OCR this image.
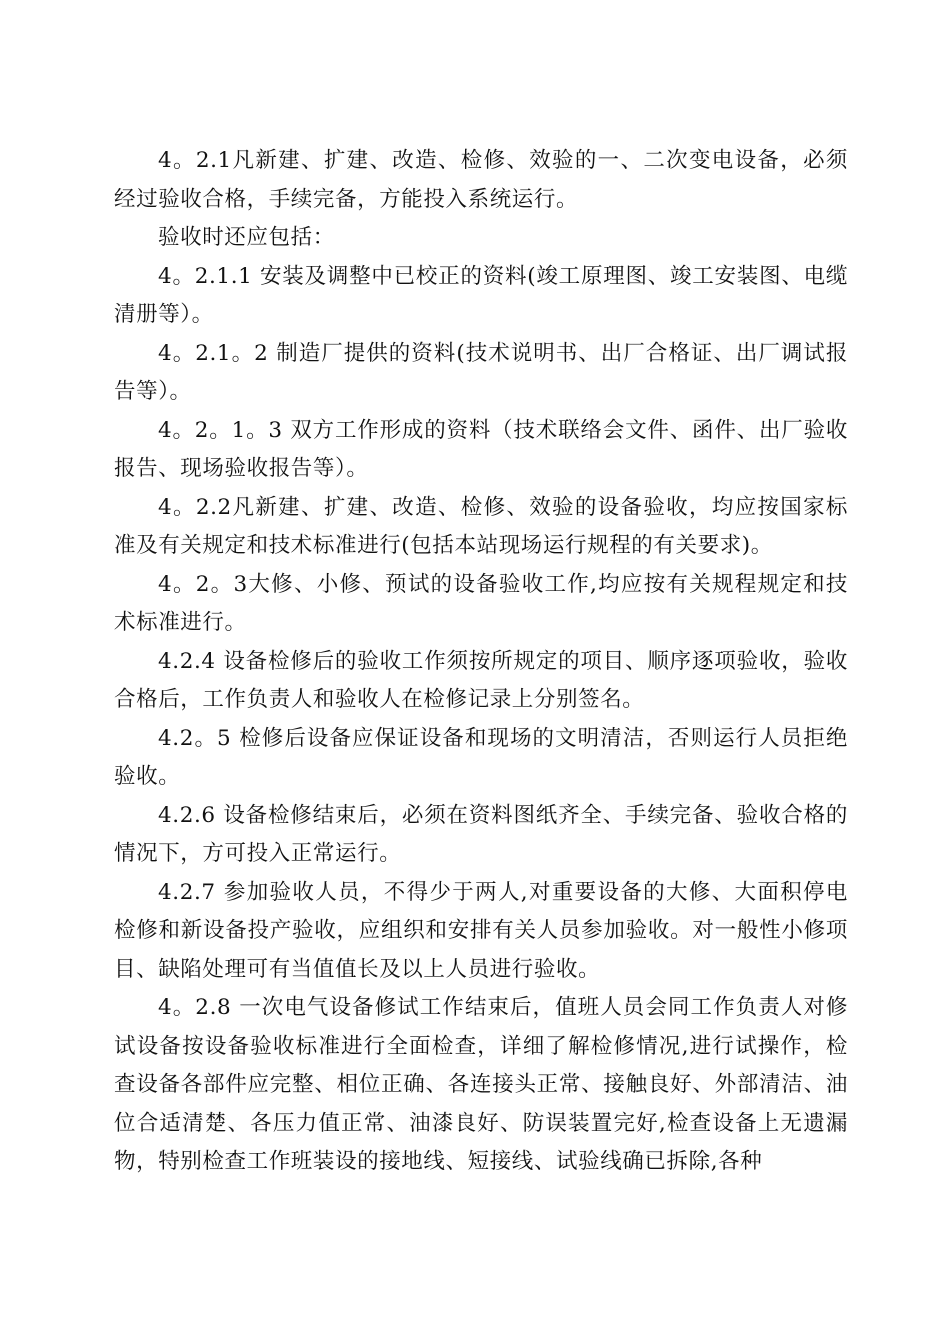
4。2.1凡新建、扩建、改造、检修、效验的一、二次变电设备，必须经过验收合格，手续完备，方能投入系统运行。

验收时还应包括：

4。2.1.1 安装及调整中已校正的资料(竣工原理图、竣工安装图、电缆清册等）。

4。2.1。2 制造厂提供的资料(技术说明书、出厂合格证、出厂调试报告等）。

4。2。1。3 双方工作形成的资料（技术联络会文件、函件、出厂验收报告、现场验收报告等）。

4。2.2凡新建、扩建、改造、检修、效验的设备验收，均应按国家标准及有关规定和技术标准进行(包括本站现场运行规程的有关要求)。

4。2。3大修、小修、预试的设备验收工作,均应按有关规程规定和技术标准进行。

4.2.4 设备检修后的验收工作须按所规定的项目、顺序逐项验收，验收合格后，工作负责人和验收人在检修记录上分别签名。

4.2。5 检修后设备应保证设备和现场的文明清洁，否则运行人员拒绝验收。

4.2.6 设备检修结束后，必须在资料图纸齐全、手续完备、验收合格的情况下，方可投入正常运行。

4.2.7 参加验收人员，不得少于两人,对重要设备的大修、大面积停电检修和新设备投产验收，应组织和安排有关人员参加验收。对一般性小修项目、缺陷处理可有当值值长及以上人员进行验收。

4。2.8 一次电气设备修试工作结束后，值班人员会同工作负责人对修试设备按设备验收标准进行全面检查，详细了解检修情况,进行试操作，检查设备各部件应完整、相位正确、各连接头正常、接触良好、外部清洁、油位合适清楚、各压力值正常、油漆良好、防误装置完好,检查设备上无遗漏物，特别检查工作班装设的接地线、短接线、试验线确已拆除,各种
